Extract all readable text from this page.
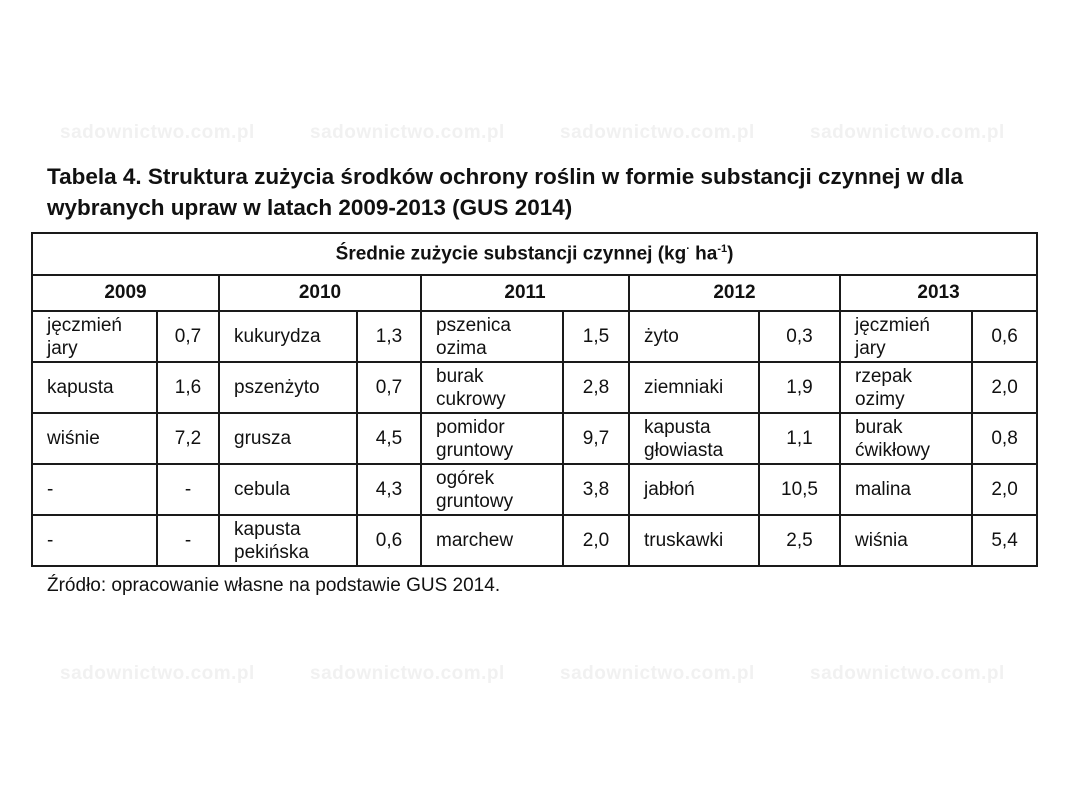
sadownictwo.com.pl	sadownictwo.com.pl	sadownictwo.com.pl	sadownictwo.com.pl
sadownictwo.com.pl	sadownictwo.com.pl	sadownictwo.com.pl	sadownictwo.com.pl
Tabela 4. Struktura zużycia środków ochrony roślin w formie substancji czynnej w dla wybranych upraw w latach 2009-2013 (GUS 2014)
Średnie zużycie substancji czynnej (kg· $ha^{-1}$)									
2009		2010		2011		2012		2013	
jęczmień jary	0,7	kukurydza	1,3	pszenica ozima	1,5	żyto	0,3	jęczmień jary	0,6
kapusta	1,6	pszenżyto	0,7	burak cukrowy	2,8	ziemniaki	1,9	rzepak ozimy	2,0
wiśnie	7,2	grusza	4,5	pomidor gruntowy	9,7	kapusta głowiasta	1,1	burak ćwikłowy	0,8
-	-	cebula	4,3	ogórek gruntowy	3,8	jabłoń	10,5	malina	2,0
-	-	kapusta pekińska	0,6	marchew	2,0	truskawki	2,5	wiśnia	5,4

Źródło: opracowanie własne na podstawie GUS 2014.
